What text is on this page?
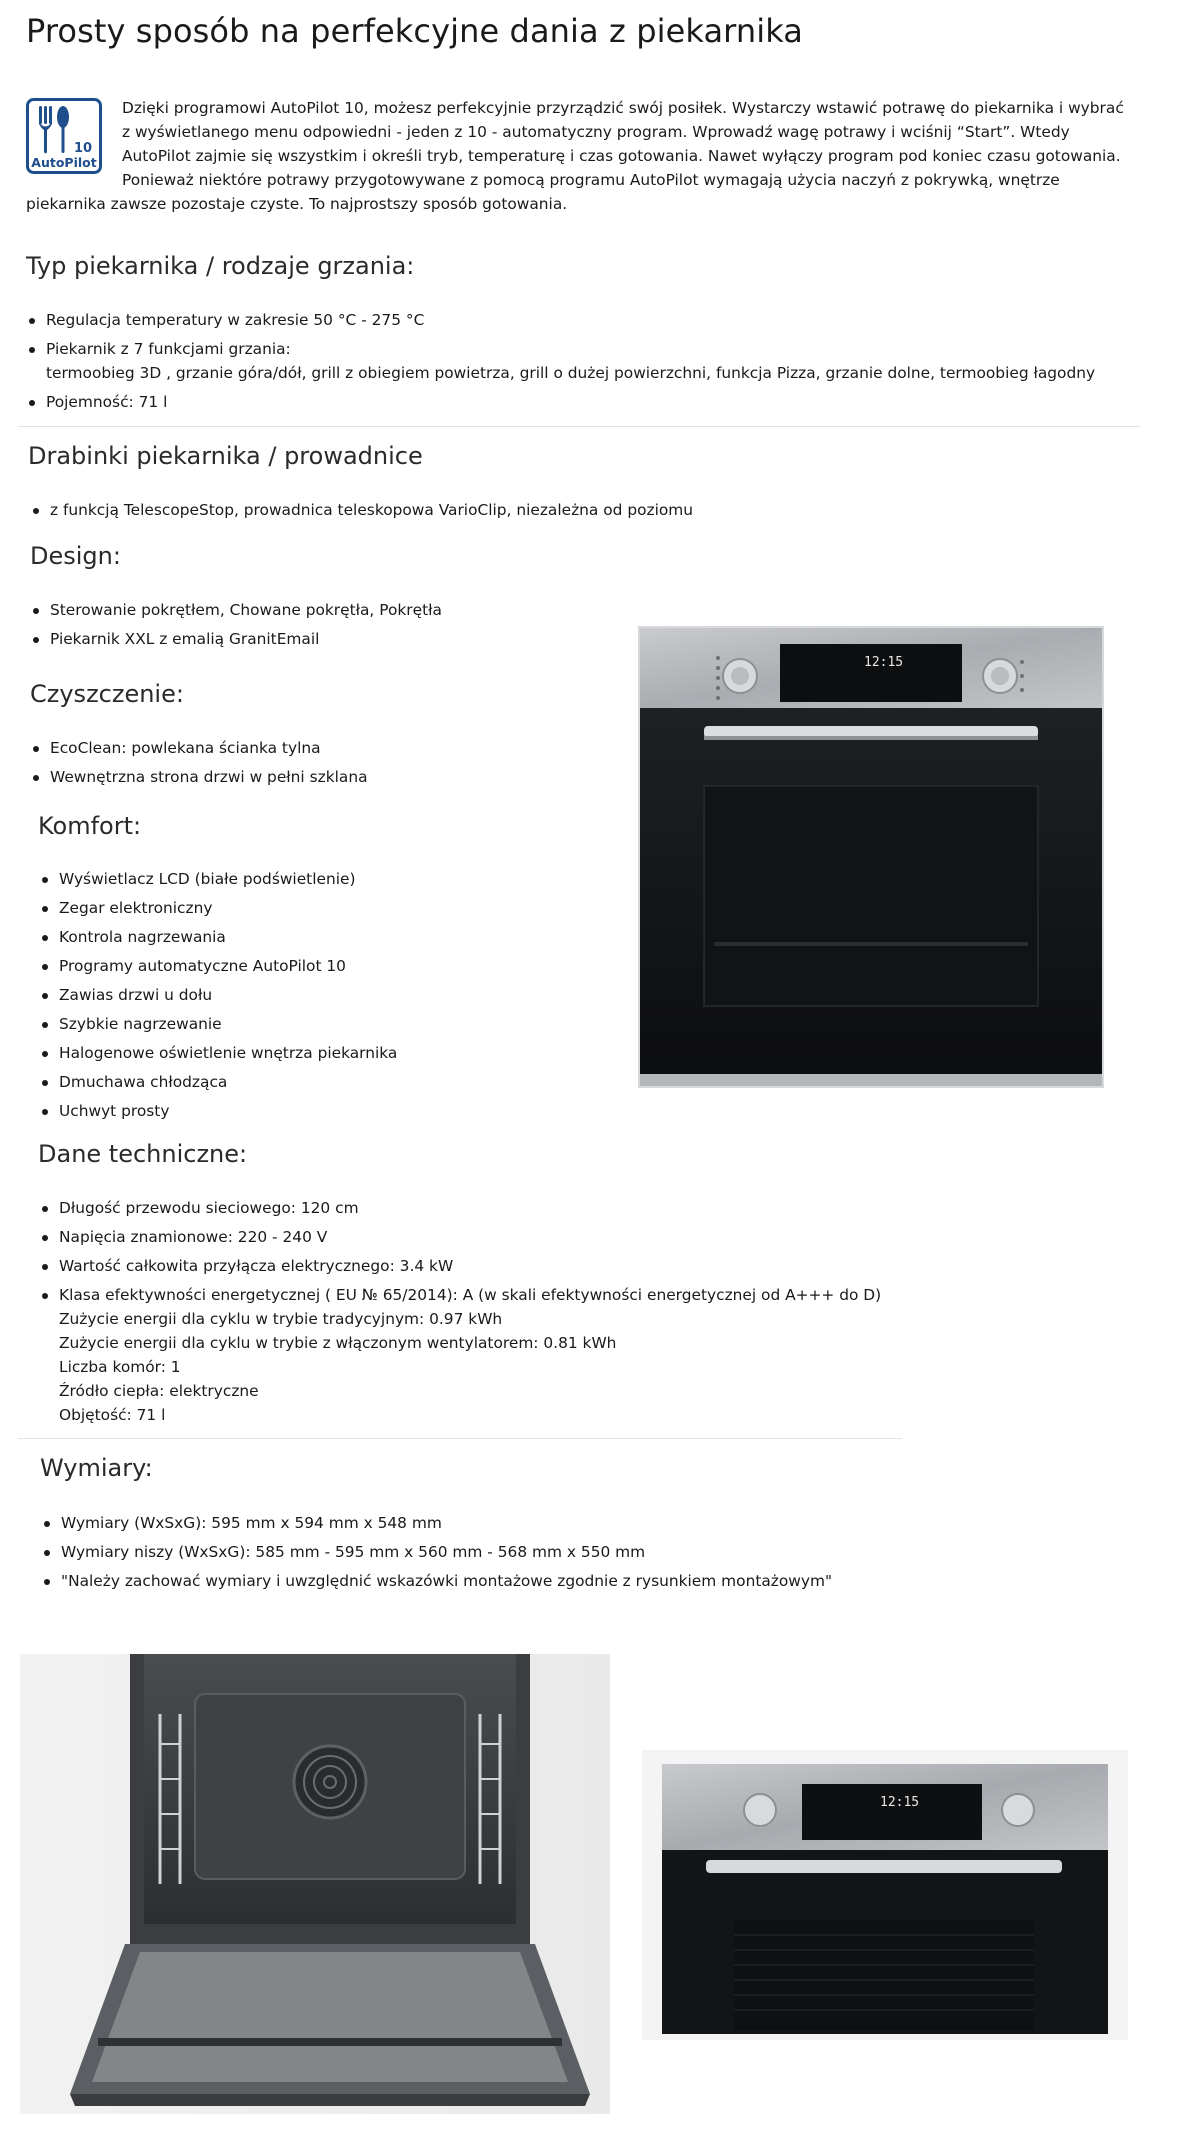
Prosty sposób na perfekcyjne dania z piekarnika
10
AutoPilot
Dzięki programowi AutoPilot 10, możesz perfekcyjnie przyrządzić swój posiłek. Wystarczy wstawić potrawę do piekarnika i wybrać z wyświetlanego menu odpowiedni - jeden z 10 - automatyczny program. Wprowadź wagę potrawy i wciśnij “Start”. Wtedy AutoPilot zajmie się wszystkim i określi tryb, temperaturę i czas gotowania. Nawet wyłączy program pod koniec czasu gotowania. Ponieważ niektóre potrawy przygotowywane z pomocą programu AutoPilot wymagają użycia naczyń z pokrywką, wnętrze piekarnika zawsze pozostaje czyste. To najprostszy sposób gotowania.
Typ piekarnika / rodzaje grzania:
Regulacja temperatury w zakresie 50 °C - 275 °C
Piekarnik z 7 funkcjami grzania:
termoobieg 3D , grzanie góra/dół, grill z obiegiem powietrza, grill o dużej powierzchni, funkcja Pizza, grzanie dolne, termoobieg łagodny
Pojemność: 71 l
Drabinki piekarnika / prowadnice
z funkcją TelescopeStop, prowadnica teleskopowa VarioClip, niezależna od poziomu
Design:
Sterowanie pokrętłem, Chowane pokrętła, Pokrętła
Piekarnik XXL z emalią GranitEmail
Czyszczenie:
EcoClean: powlekana ścianka tylna
Wewnętrzna strona drzwi w pełni szklana
Komfort:
Wyświetlacz LCD (białe podświetlenie)
Zegar elektroniczny
Kontrola nagrzewania
Programy automatyczne AutoPilot 10
Zawias drzwi u dołu
Szybkie nagrzewanie
Halogenowe oświetlenie wnętrza piekarnika
Dmuchawa chłodząca
Uchwyt prosty
Dane techniczne:
Długość przewodu sieciowego: 120 cm
Napięcia znamionowe: 220 - 240 V
Wartość całkowita przyłącza elektrycznego: 3.4 kW
Klasa efektywności energetycznej ( EU № 65/2014): A (w skali efektywności energetycznej od A+++ do D)
Zużycie energii dla cyklu w trybie tradycyjnym: 0.97 kWh
Zużycie energii dla cyklu w trybie z włączonym wentylatorem: 0.81 kWh
Liczba komór: 1
Źródło ciepła: elektryczne
Objętość: 71 l
Wymiary:
Wymiary (WxSxG): 595 mm x 594 mm x 548 mm
Wymiary niszy (WxSxG): 585 mm - 595 mm x 560 mm - 568 mm x 550 mm
"Należy zachować wymiary i uwzględnić wskazówki montażowe zgodnie z rysunkiem montażowym"
12:15
12:15
